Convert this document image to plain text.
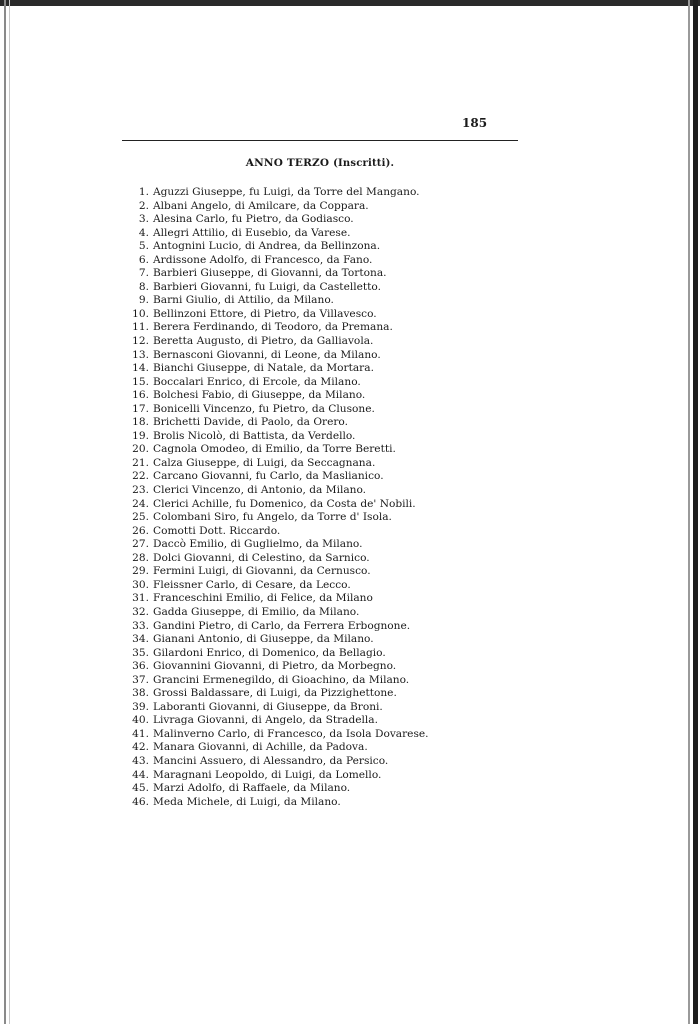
185
ANNO TERZO (Inscritti).
1. Aguzzi Giuseppe, fu Luigi, da Torre del Mangano.
2. Albani Angelo, di Amilcare, da Coppara.
3. Alesina Carlo, fu Pietro, da Godiasco.
4. Allegri Attilio, di Eusebio, da Varese.
5. Antognini Lucio, di Andrea, da Bellinzona.
6. Ardissone Adolfo, di Francesco, da Fano.
7. Barbieri Giuseppe, di Giovanni, da Tortona.
8. Barbieri Giovanni, fu Luigi, da Castelletto.
9. Barni Giulio, di Attilio, da Milano.
10. Bellinzoni Ettore, di Pietro, da Villavesco.
11. Berera Ferdinando, di Teodoro, da Premana.
12. Beretta Augusto, di Pietro, da Galliavola.
13. Bernasconi Giovanni, di Leone, da Milano.
14. Bianchi Giuseppe, di Natale, da Mortara.
15. Boccalari Enrico, di Ercole, da Milano.
16. Bolchesi Fabio, di Giuseppe, da Milano.
17. Bonicelli Vincenzo, fu Pietro, da Clusone.
18. Brichetti Davide, di Paolo, da Orero.
19. Brolis Nicolò, di Battista, da Verdello.
20. Cagnola Omodeo, di Emilio, da Torre Beretti.
21. Calza Giuseppe, di Luigi, da Seccagnana.
22. Carcano Giovanni, fu Carlo, da Maslianico.
23. Clerici Vincenzo, di Antonio, da Milano.
24. Clerici Achille, fu Domenico, da Costa de' Nobili.
25. Colombani Siro, fu Angelo, da Torre d' Isola.
26. Comotti Dott. Riccardo.
27. Daccò Emilio, di Guglielmo, da Milano.
28. Dolci Giovanni, di Celestino, da Sarnico.
29. Fermini Luigi, di Giovanni, da Cernusco.
30. Fleissner Carlo, di Cesare, da Lecco.
31. Franceschini Emilio, di Felice, da Milano
32. Gadda Giuseppe, di Emilio, da Milano.
33. Gandini Pietro, di Carlo, da Ferrera Erbognone.
34. Gianani Antonio, di Giuseppe, da Milano.
35. Gilardoni Enrico, di Domenico, da Bellagio.
36. Giovannini Giovanni, di Pietro, da Morbegno.
37. Grancini Ermenegildo, di Gioachino, da Milano.
38. Grossi Baldassare, di Luigi, da Pizzighettone.
39. Laboranti Giovanni, di Giuseppe, da Broni.
40. Livraga Giovanni, di Angelo, da Stradella.
41. Malinverno Carlo, di Francesco, da Isola Dovarese.
42. Manara Giovanni, di Achille, da Padova.
43. Mancini Assuero, di Alessandro, da Persico.
44. Maragnani Leopoldo, di Luigi, da Lomello.
45. Marzi Adolfo, di Raffaele, da Milano.
46. Meda Michele, di Luigi, da Milano.
